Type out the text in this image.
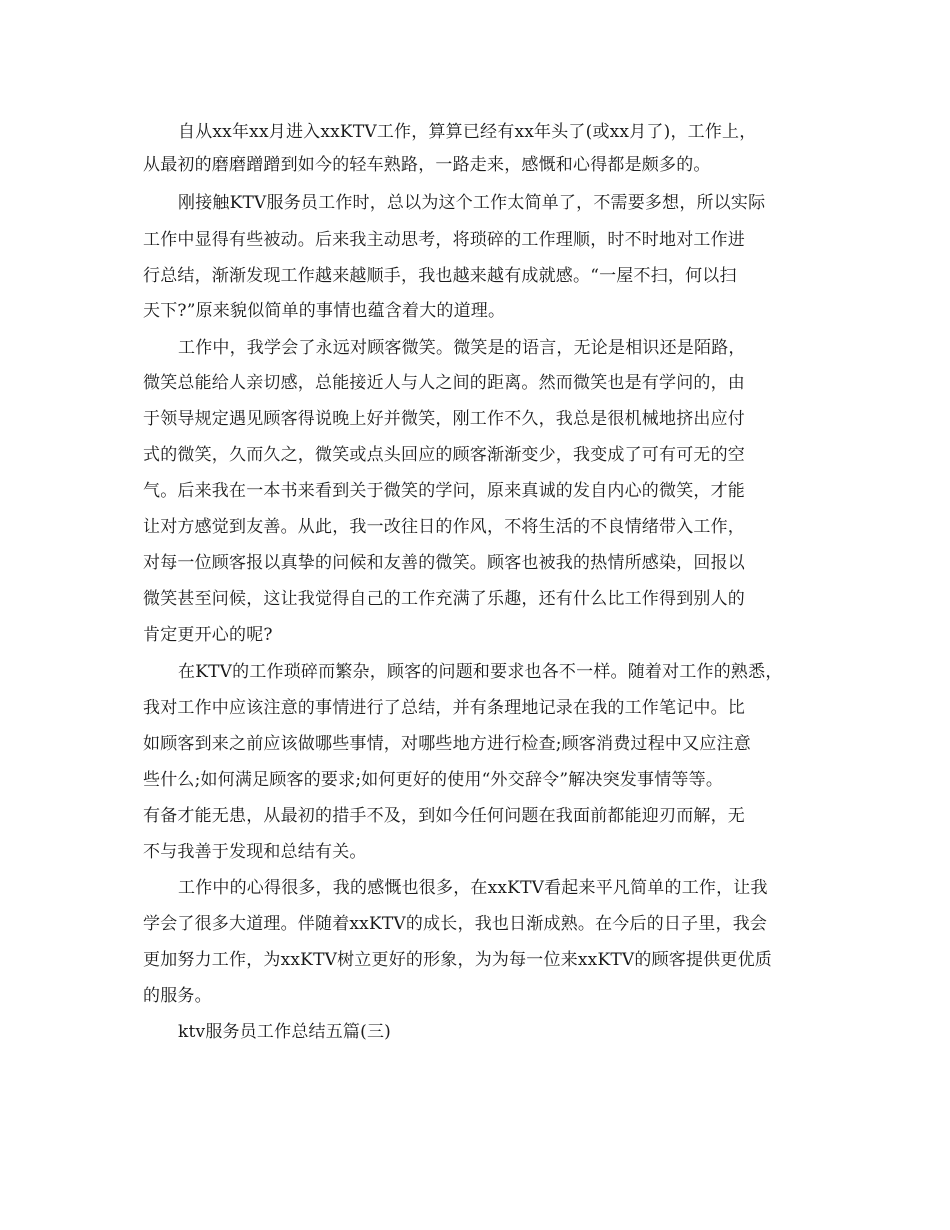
自从xx年xx月进入xxKTV工作，算算已经有xx年头了(或xx月了)，工作上，
从最初的磨磨蹭蹭到如今的轻车熟路，一路走来，感慨和心得都是颇多的。
刚接触KTV服务员工作时，总以为这个工作太简单了，不需要多想，所以实际
工作中显得有些被动。后来我主动思考，将琐碎的工作理顺，时不时地对工作进
行总结，渐渐发现工作越来越顺手，我也越来越有成就感。“一屋不扫，何以扫
天下?”原来貌似简单的事情也蕴含着大的道理。
工作中，我学会了永远对顾客微笑。微笑是的语言，无论是相识还是陌路，
微笑总能给人亲切感，总能接近人与人之间的距离。然而微笑也是有学问的，由
于领导规定遇见顾客得说晚上好并微笑，刚工作不久，我总是很机械地挤出应付
式的微笑，久而久之，微笑或点头回应的顾客渐渐变少，我变成了可有可无的空
气。后来我在一本书来看到关于微笑的学问，原来真诚的发自内心的微笑，才能
让对方感觉到友善。从此，我一改往日的作风，不将生活的不良情绪带入工作，
对每一位顾客报以真挚的问候和友善的微笑。顾客也被我的热情所感染，回报以
微笑甚至问候，这让我觉得自己的工作充满了乐趣，还有什么比工作得到别人的
肯定更开心的呢?
在KTV的工作琐碎而繁杂，顾客的问题和要求也各不一样。随着对工作的熟悉，
我对工作中应该注意的事情进行了总结，并有条理地记录在我的工作笔记中。比
如顾客到来之前应该做哪些事情，对哪些地方进行检查;顾客消费过程中又应注意
些什么;如何满足顾客的要求;如何更好的使用“外交辞令”解决突发事情等等。
有备才能无患，从最初的措手不及，到如今任何问题在我面前都能迎刃而解，无
不与我善于发现和总结有关。
工作中的心得很多，我的感慨也很多，在xxKTV看起来平凡简单的工作，让我
学会了很多大道理。伴随着xxKTV的成长，我也日渐成熟。在今后的日子里，我会
更加努力工作，为xxKTV树立更好的形象，为为每一位来xxKTV的顾客提供更优质
的服务。
ktv服务员工作总结五篇(三)
